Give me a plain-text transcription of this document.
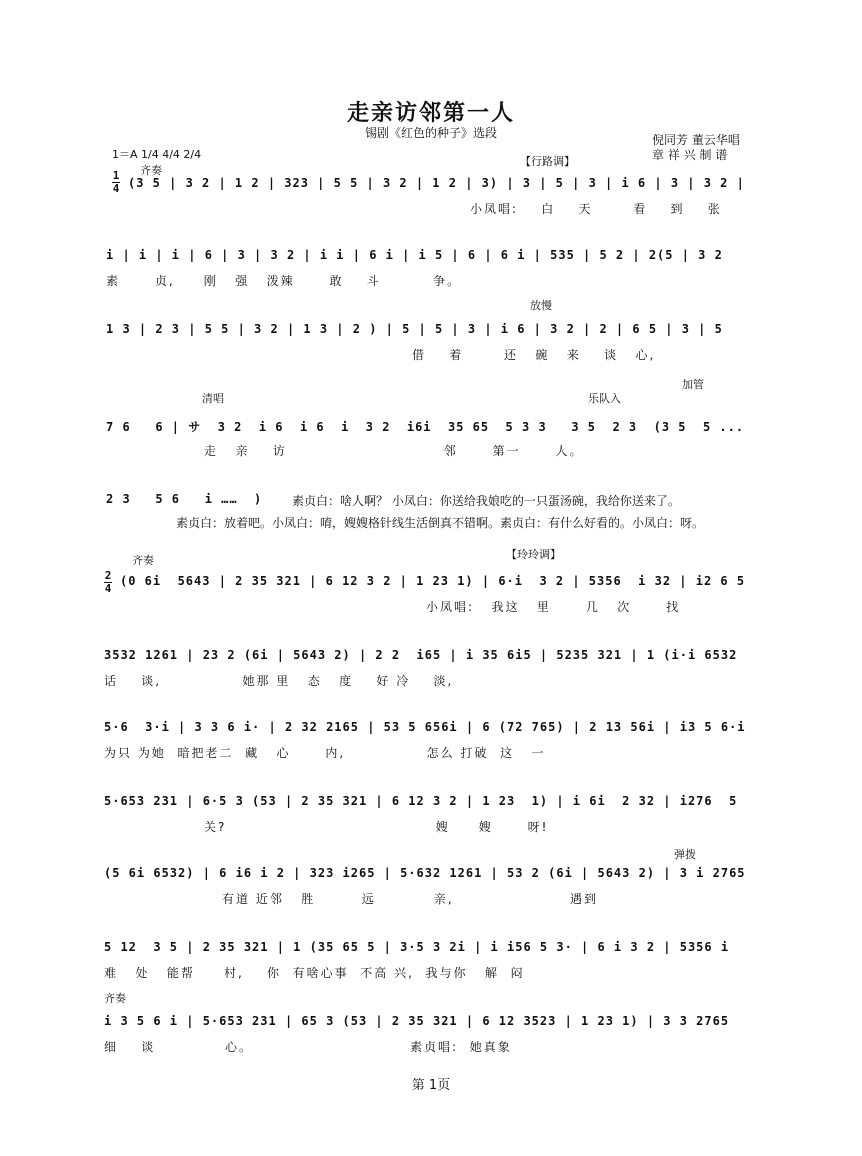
走亲访邻第一人
锡剧《红色的种子》选段	倪同芳 董云华唱
章 祥 兴 制 谱
1＝A 1/4 4/4 2/4
1
4
2
4
齐奏
【行路调】
放慢
清唱	乐队入
加管
齐奏	【玲玲调】
弹拨
齐奏
(3 5 | 3 2 | 1 2 | 323 | 5 5 | 3 2 | 1 2 | 3) | 3 | 5 | 3 | i 6 | 3 | 3 2 |
小凤唱:    白    天       看    到    张
i | i | i | 6 | 3 | 3 2 | i i | 6 i | i 5 | 6 | 6 i | 535 | 5 2 | 2(5 | 3 2
素      贞,     刚   强   泼辣      敢    斗         争。
1 3 | 2 3 | 5 5 | 3 2 | 1 3 | 2 ) | 5 | 5 | 3 | i 6 | 3 2 | 2 | 6 5 | 3 | 5
借    着       还   碗   来    谈   心,
7 6   6 | サ  3 2  i 6  i 6  i  3 2  i6i  35 65  5 3 3   3 5  2 3  (3 5  5 ...
走   亲    访                           邻      第一      人。
2 3   5 6   i ……  ) 素贞白：啥人啊？ 小凤白：你送给我娘吃的一只蛋汤碗，我给你送来了。
素贞白：放着吧。小凤白：唷，嫂嫂格针线生活倒真不错啊。素贞白：有什么好看的。小凤白：呀。
(0 6i  5643 | 2 35 321 | 6 12 3 2 | 1 23 1) | 6·i  3 2 | 5356  i 32 | i2 6 5
小凤唱:   我这   里      几   次      找
3532 1261 | 23 2 (6i | 5643 2) | 2 2  i65 | i 35 6i5 | 5235 321 | 1 (i·i 6532
话    谈,              她那 里   态   度    好 冷    淡,
5·6  3·i | 3 3 6 i· | 2 32 2165 | 53 5 656i | 6 (72 765) | 2 13 56i | i3 5 6·i
为只 为她  暗把老二  藏   心      内,              怎么 打破  这   一
5·653 231 | 6·5 3 (53 | 2 35 321 | 6 12 3 2 | 1 23  1) | i 6i  2 32 | i276  5
关?                                    嫂     嫂      呀!
(5 6i 6532) | 6 i6 i 2 | 323 i265 | 5·632 1261 | 53 2 (6i | 5643 2) | 3 i 2765
有道 近邻   胜        远          亲,                    遇到
5 12  3 5 | 2 35 321 | 1 (35 65 5 | 3·5 3 2i | i i56 5 3· | 6 i 3 2 | 5356 i
难   处   能帮     村,    你  有啥心事  不高 兴,  我与你   解  闷
i 3 5 6 i | 5·653 231 | 65 3 (53 | 2 35 321 | 6 12 3523 | 1 23 1) | 3 3 2765
细    谈            心。                           素贞唱:  她真象
第 1页
